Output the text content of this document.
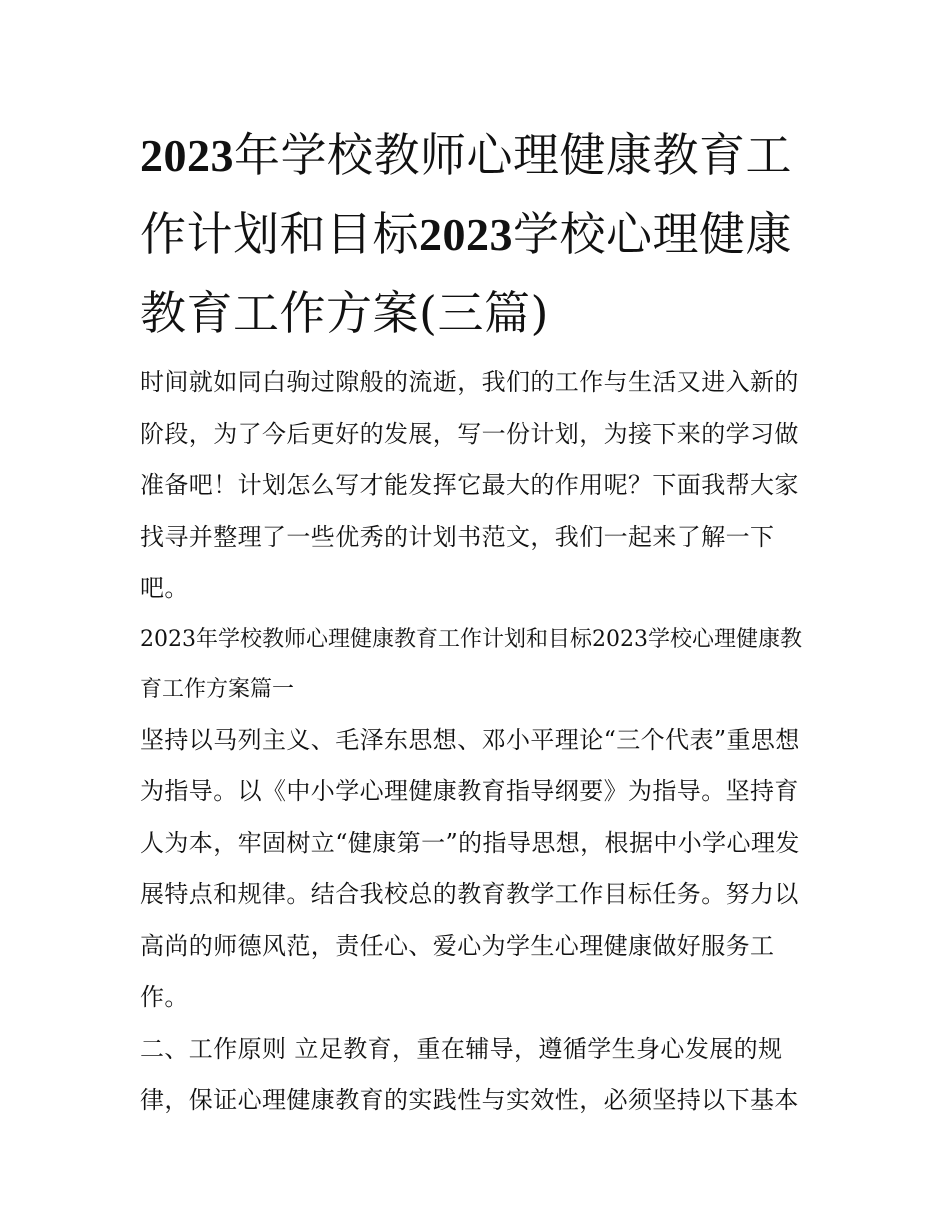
2023年学校教师心理健康教育工作计划和目标2023学校心理健康教育工作方案(三篇)

时间就如同白驹过隙般的流逝，我们的工作与生活又进入新的阶段，为了今后更好的发展，写一份计划，为接下来的学习做准备吧！计划怎么写才能发挥它最大的作用呢？下面我帮大家找寻并整理了一些优秀的计划书范文，我们一起来了解一下吧。

2023年学校教师心理健康教育工作计划和目标2023学校心理健康教育工作方案篇一

坚持以马列主义、毛泽东思想、邓小平理论“三个代表”重思想为指导。以《中小学心理健康教育指导纲要》为指导。坚持育人为本，牢固树立“健康第一”的指导思想，根据中小学心理发展特点和规律。结合我校总的教育教学工作目标任务。努力以高尚的师德风范，责任心、爱心为学生心理健康做好服务工作。

二、工作原则 立足教育，重在辅导，遵循学生身心发展的规律，保证心理健康教育的实践性与实效性，必须坚持以下基本
